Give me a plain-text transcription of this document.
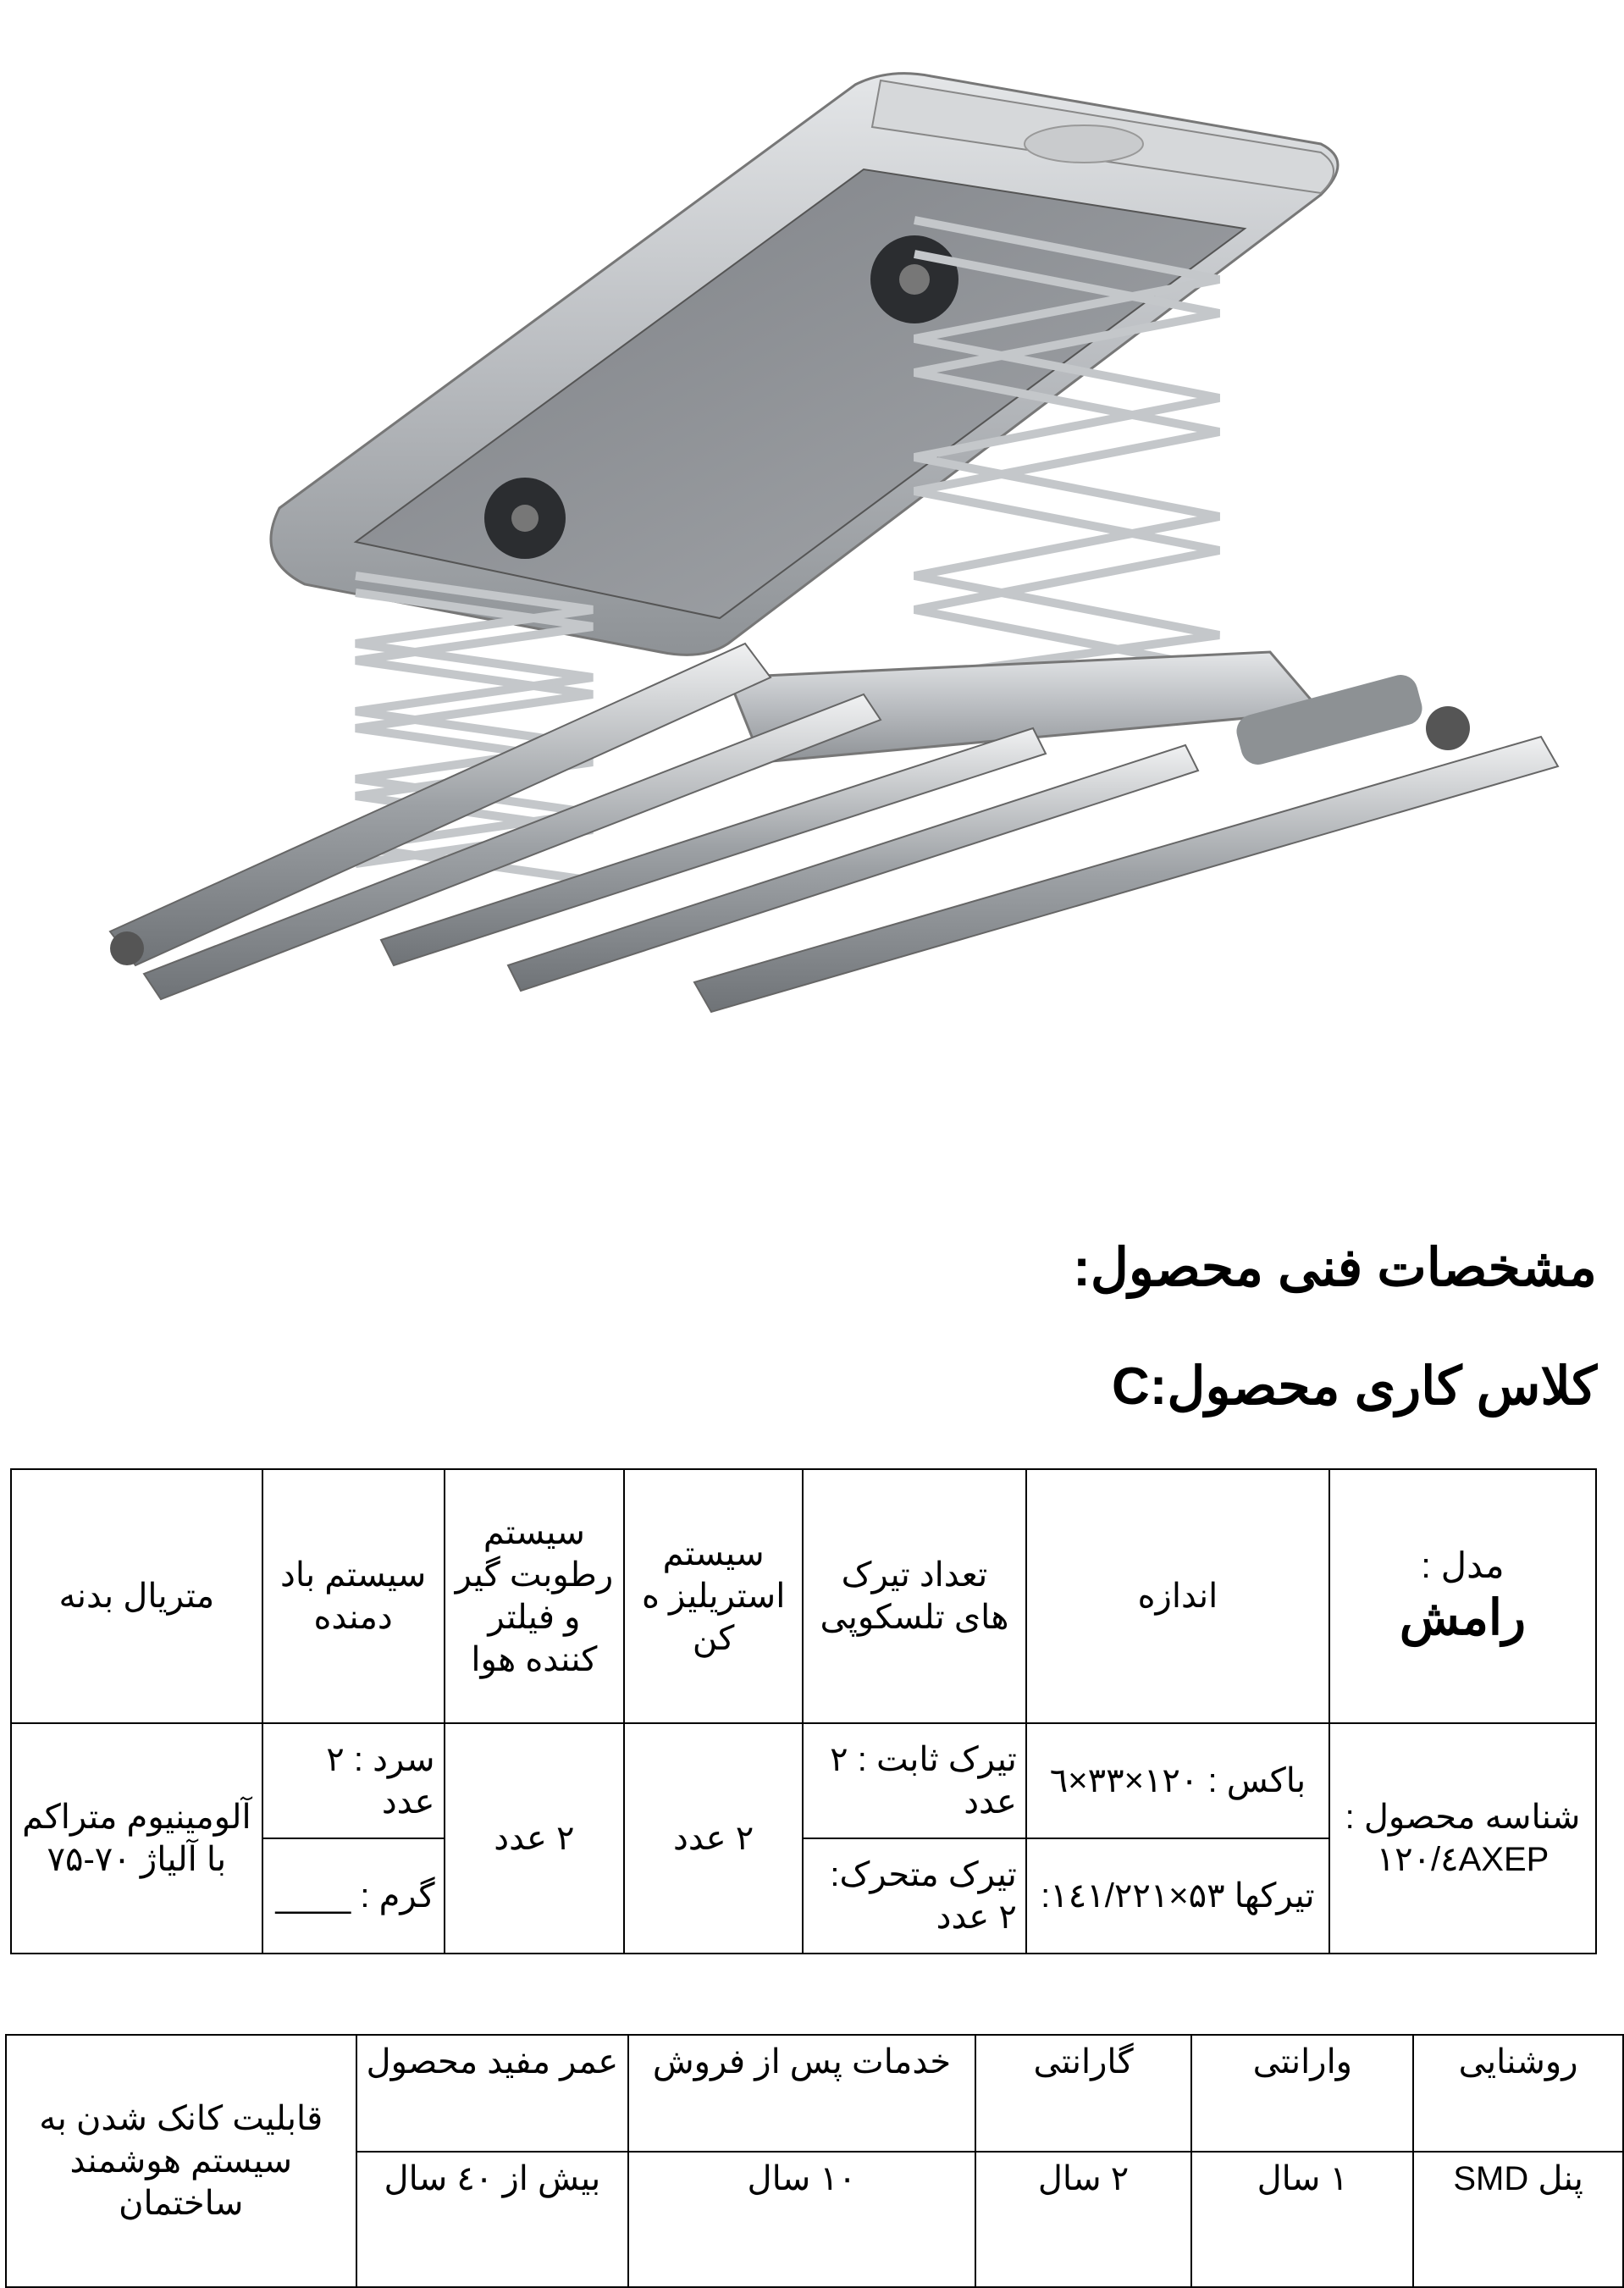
مشخصات فنی محصول:
کلاس کاری محصول:C
مدل :
رامش	اندازه	تعداد تیرک های تلسکوپی	سیستم استریلیز ه کن	سیستم رطوبت گیر و فیلتر کننده هوا	سیستم باد دمنده	متریال بدنه
شناسه محصول : ۱۲۰/٤AXEP	باکس : ۱۲۰×۳۳×٦	تیرک ثابت : ۲ عدد	۲ عدد	۲ عدد	سرد : ۲ عدد	آلومینیوم متراکم با آلیاژ ۷۰-۷۵
	تیرکها ۵۳×۱٤۱/۲۲۱:	تیرک متحرک: ۲ عدد			گرم : ____	
روشنایی	وارانتی	گارانتی	خدمات پس از فروش	عمر مفید محصول	قابلیت کانک شدن به سیستم هوشمند ساختمان
پنل SMD	۱ سال	۲ سال	۱۰ سال	بیش از ٤۰ سال	
